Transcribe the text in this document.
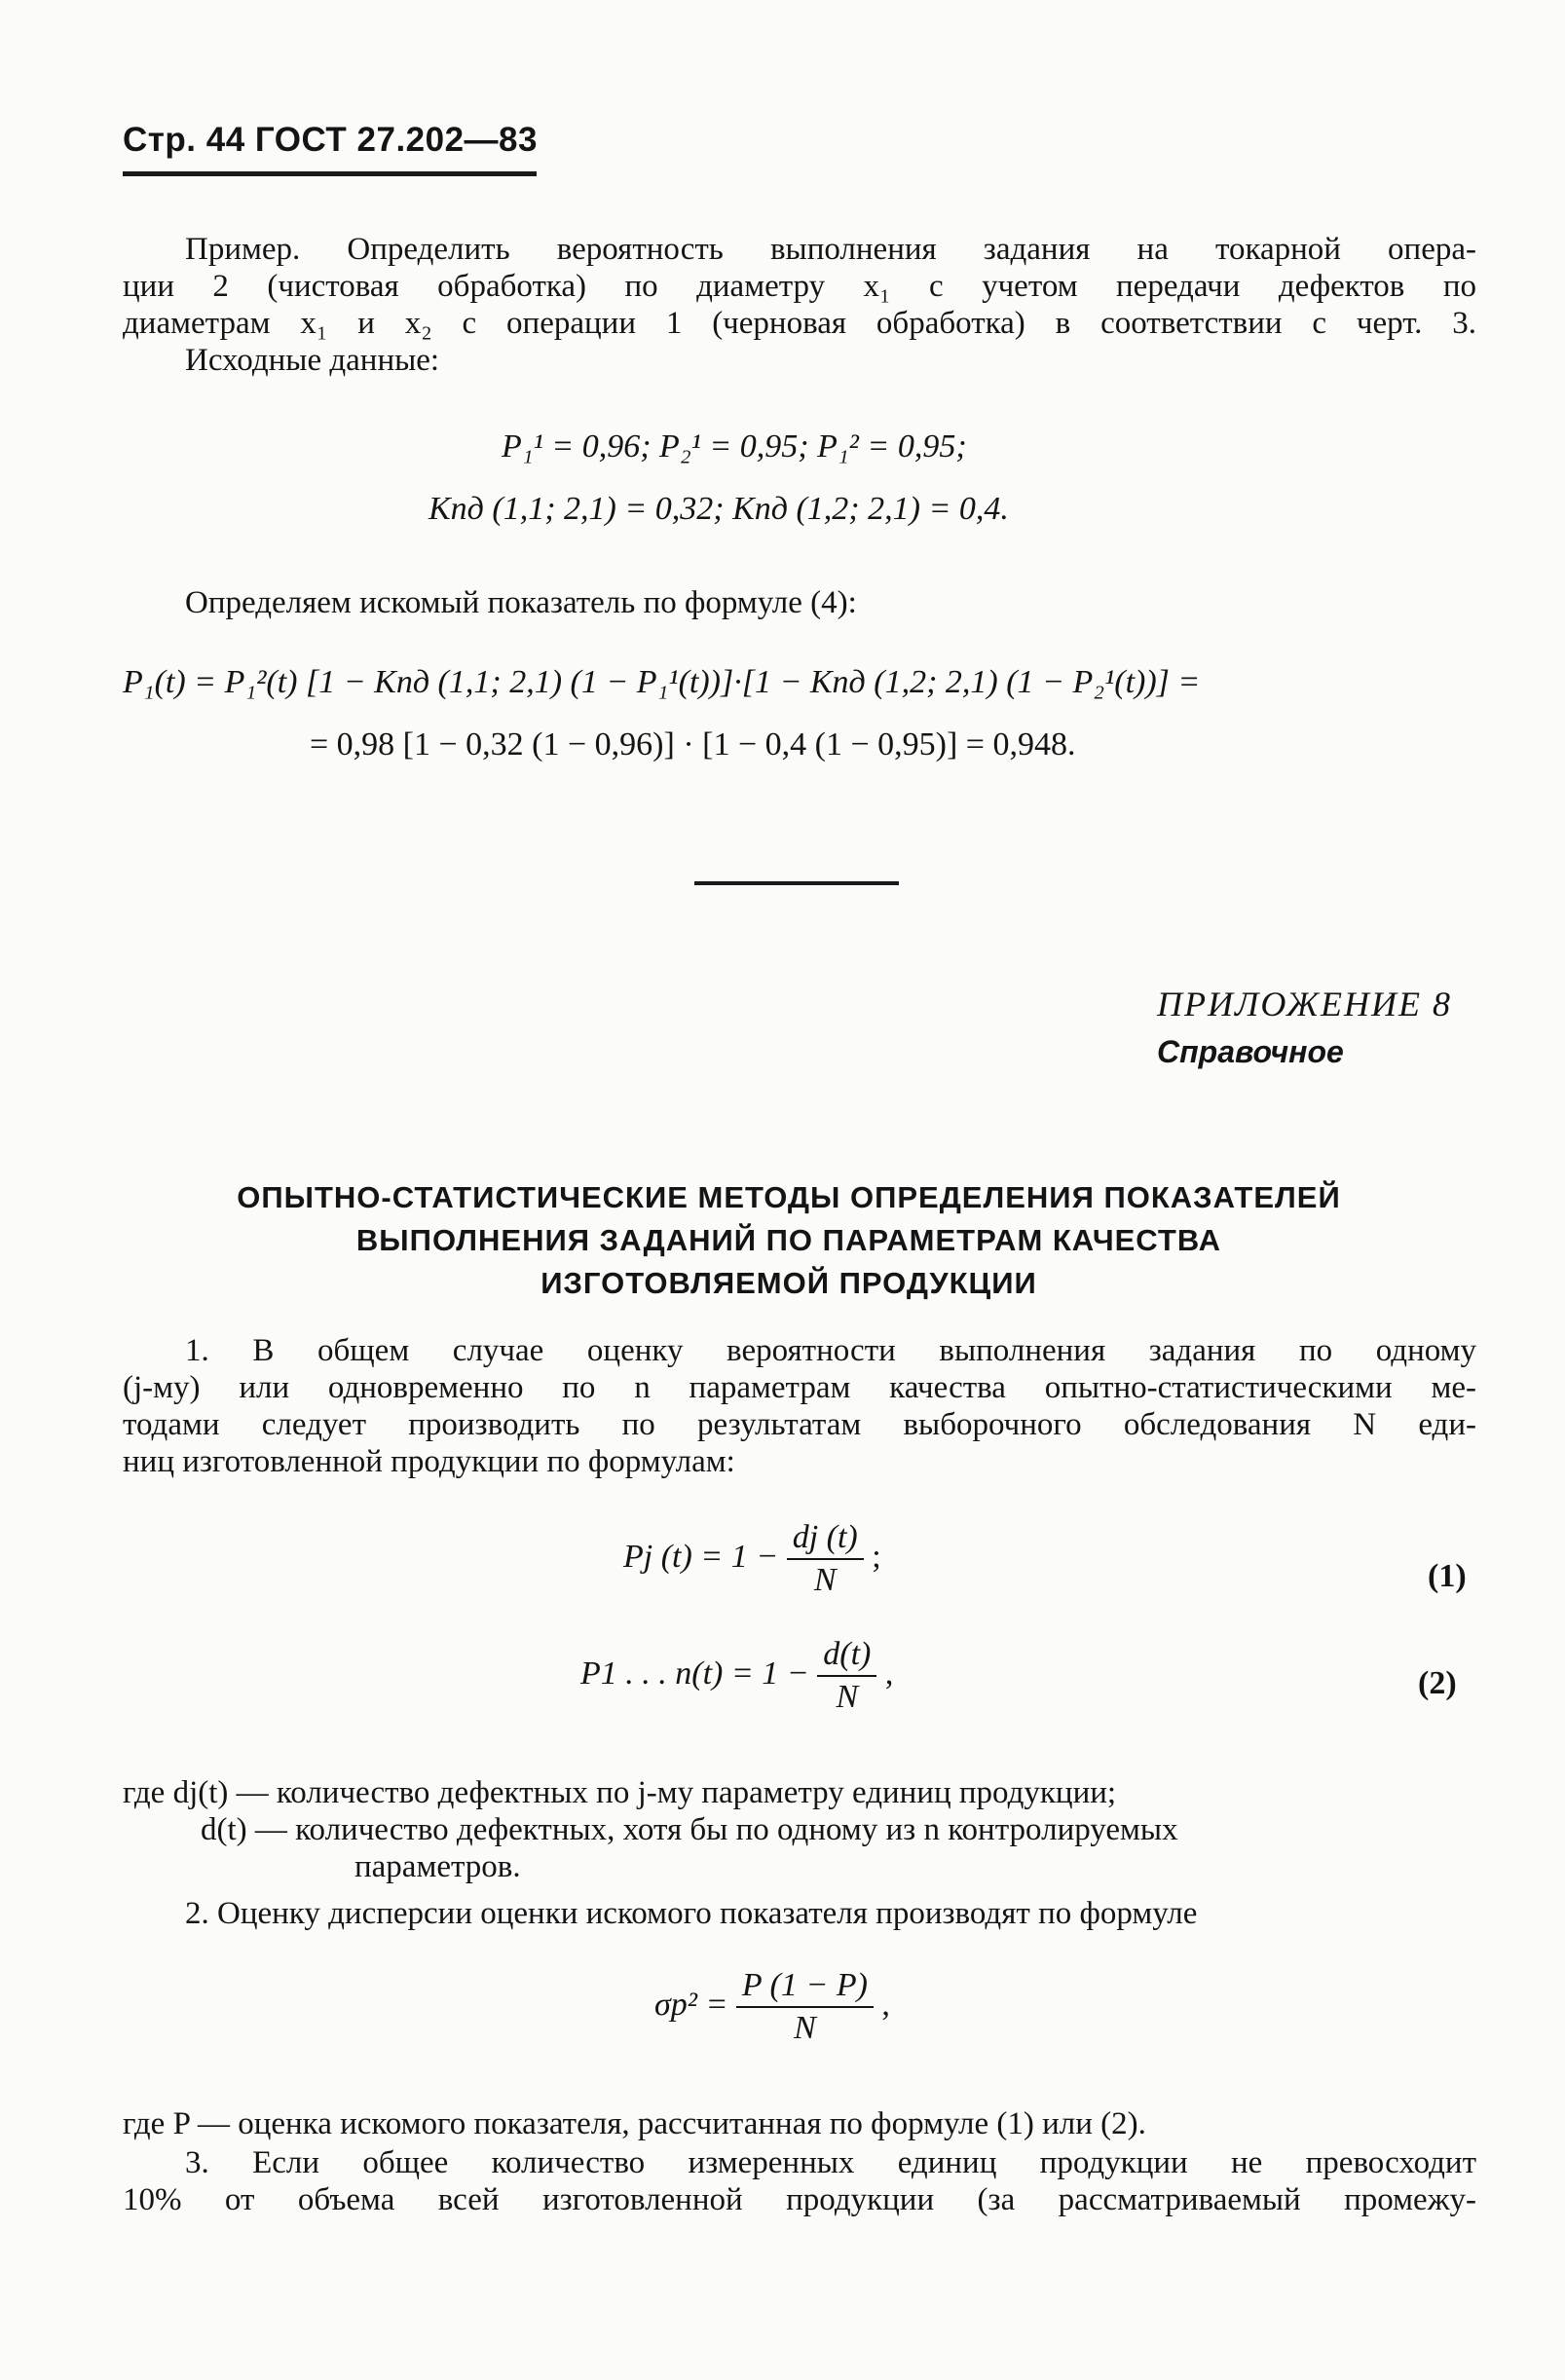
Стр. 44 ГОСТ 27.202—83
Пример. Определить вероятность выполнения задания на токарной опера-
ции 2 (чистовая обработка) по диаметру x₁ с учетом передачи дефектов по
диаметрам x₁ и x₂ с операции 1 (черновая обработка) в соответствии с черт. 3.
Исходные данные:
P₁¹ = 0,96; P₂¹ = 0,95; P₁² = 0,95;
Kпд (1,1; 2,1) = 0,32; Kпд (1,2; 2,1) = 0,4.
Определяем искомый показатель по формуле (4):
P₁(t) = P₁²(t) [1 − Kпд (1,1; 2,1) (1 − P₁¹(t))]·[1 − Kпд (1,2; 2,1) (1 − P₂¹(t))] =
= 0,98 [1 − 0,32 (1 − 0,96)] · [1 − 0,4 (1 − 0,95)] = 0,948.
ПРИЛОЖЕНИЕ 8
Справочное
ОПЫТНО-СТАТИСТИЧЕСКИЕ МЕТОДЫ ОПРЕДЕЛЕНИЯ ПОКАЗАТЕЛЕЙ
ВЫПОЛНЕНИЯ ЗАДАНИЙ ПО ПАРАМЕТРАМ КАЧЕСТВА
ИЗГОТОВЛЯЕМОЙ ПРОДУКЦИИ
1. В общем случае оценку вероятности выполнения задания по одному
(j-му) или одновременно по n параметрам качества опытно-статистическими ме-
тодами следует производить по результатам выборочного обследования N еди-
ниц изготовленной продукции по формулам:
Pj $(t) = 1 - \frac{dj (t)}{N}$ ;
(1)
P1 . . . $n(t) = 1 - \frac{d(t)}{N}$ ,	(2)
где dj(t) — количество дефектных по j-му параметру единиц продукции;
d(t) — количество дефектных, хотя бы по одному из n контролируемых
параметров.
2. Оценку дисперсии оценки искомого показателя производят по формуле
$\sigma p^2 = \frac{P (1 - P)}{N}$ ,
где P — оценка искомого показателя, рассчитанная по формуле (1) или (2).
3. Если общее количество измеренных единиц продукции не превосходит
10% от объема всей изготовленной продукции (за рассматриваемый промежу-
